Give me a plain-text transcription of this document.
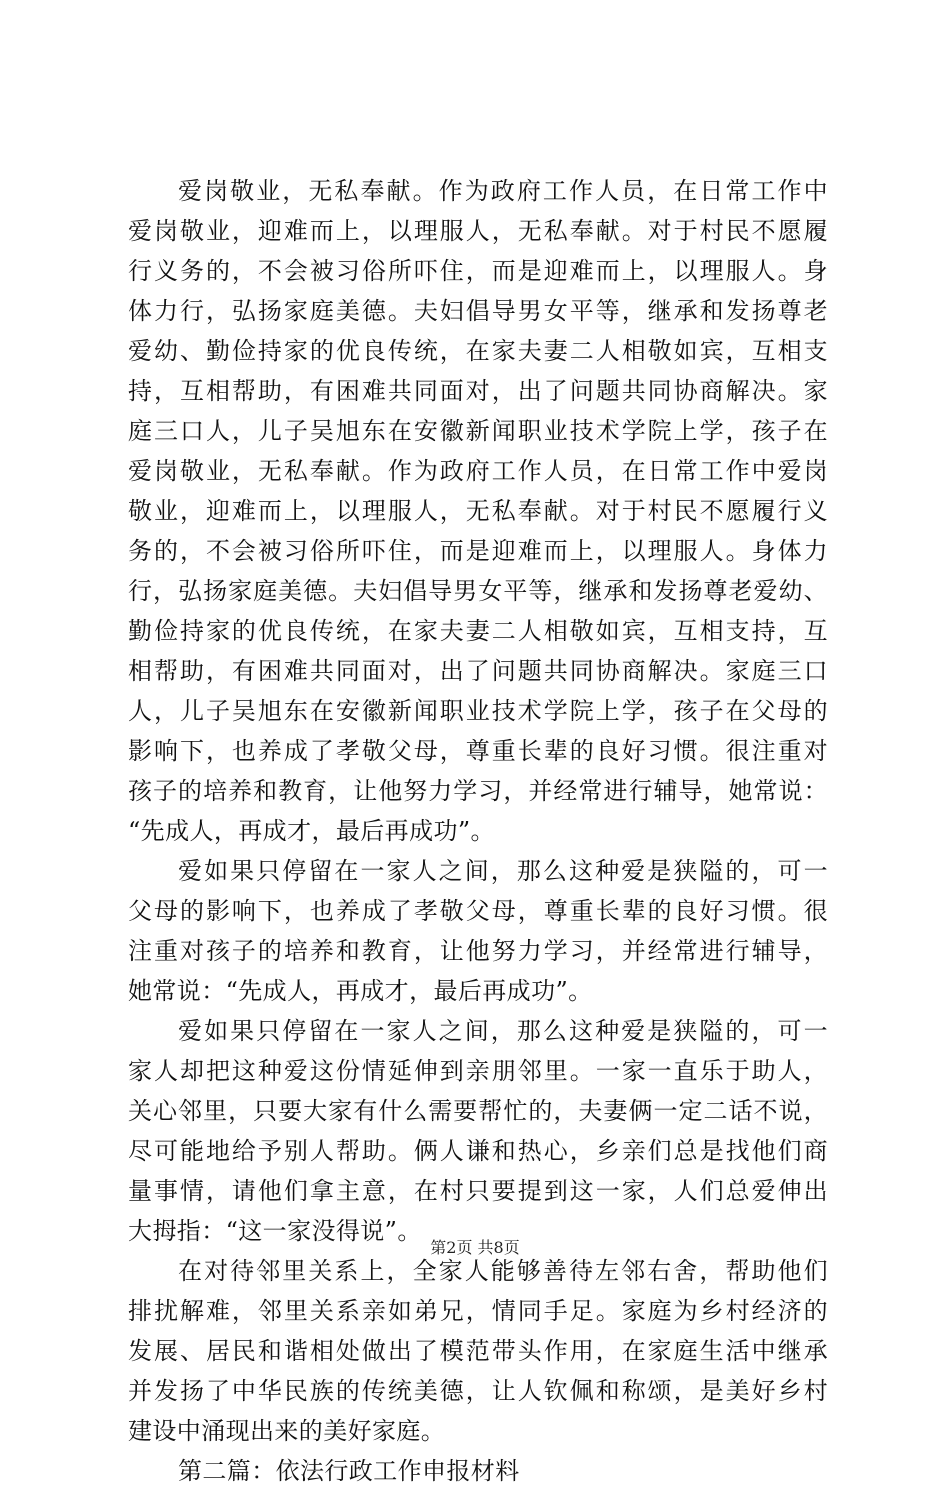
爱岗敬业，无私奉献。作为政府工作人员，在日常工作中
爱岗敬业，迎难而上，以理服人，无私奉献。对于村民不愿履
行义务的，不会被习俗所吓住，而是迎难而上，以理服人。身
体力行，弘扬家庭美德。夫妇倡导男女平等，继承和发扬尊老
爱幼、勤俭持家的优良传统，在家夫妻二人相敬如宾，互相支
持，互相帮助，有困难共同面对，出了问题共同协商解决。家
庭三口人，儿子吴旭东在安徽新闻职业技术学院上学，孩子在
爱岗敬业，无私奉献。作为政府工作人员，在日常工作中爱岗
敬业，迎难而上，以理服人，无私奉献。对于村民不愿履行义
务的，不会被习俗所吓住，而是迎难而上，以理服人。身体力
行，弘扬家庭美德。夫妇倡导男女平等，继承和发扬尊老爱幼、
勤俭持家的优良传统，在家夫妻二人相敬如宾，互相支持，互
相帮助，有困难共同面对，出了问题共同协商解决。家庭三口
人，儿子吴旭东在安徽新闻职业技术学院上学，孩子在父母的
影响下，也养成了孝敬父母，尊重长辈的良好习惯。很注重对
孩子的培养和教育，让他努力学习，并经常进行辅导，她常说：
“先成人，再成才，最后再成功”。
爱如果只停留在一家人之间，那么这种爱是狭隘的，可一
父母的影响下，也养成了孝敬父母，尊重长辈的良好习惯。很
注重对孩子的培养和教育，让他努力学习，并经常进行辅导，
她常说：“先成人，再成才，最后再成功”。
爱如果只停留在一家人之间，那么这种爱是狭隘的，可一
家人却把这种爱这份情延伸到亲朋邻里。一家一直乐于助人，
关心邻里，只要大家有什么需要帮忙的，夫妻俩一定二话不说，
尽可能地给予别人帮助。俩人谦和热心，乡亲们总是找他们商
量事情，请他们拿主意，在村只要提到这一家，人们总爱伸出
大拇指：“这一家没得说”。
在对待邻里关系上，全家人能够善待左邻右舍，帮助他们
排扰解难，邻里关系亲如弟兄，情同手足。家庭为乡村经济的
发展、居民和谐相处做出了模范带头作用，在家庭生活中继承
并发扬了中华民族的传统美德，让人钦佩和称颂，是美好乡村
建设中涌现出来的美好家庭。
第二篇：依法行政工作申报材料
第2页 共8页
